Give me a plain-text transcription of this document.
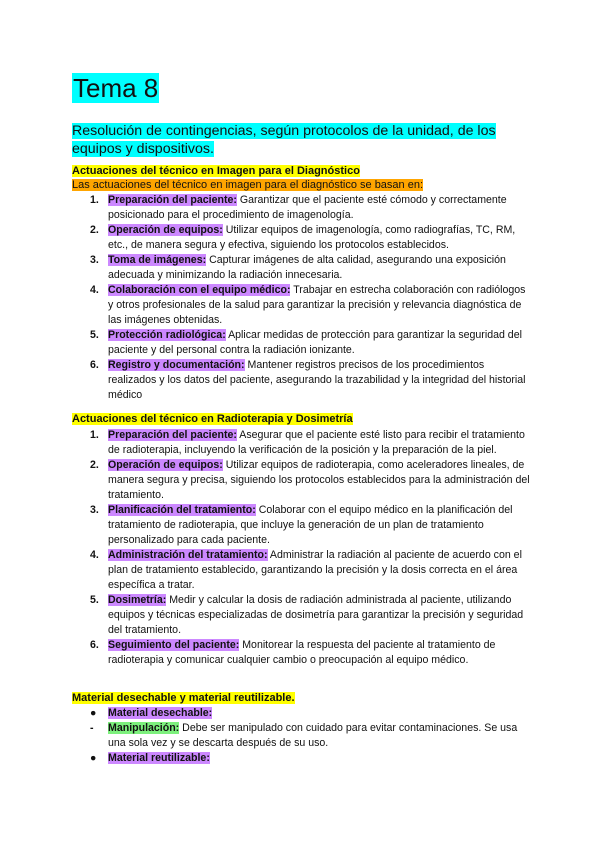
Tema 8
Resolución de contingencias, según protocolos de la unidad, de los equipos y dispositivos.
Actuaciones del técnico en Imagen para el Diagnóstico
Las actuaciones del técnico en imagen para el diagnóstico se basan en:
1. Preparación del paciente: Garantizar que el paciente esté cómodo y correctamente posicionado para el procedimiento de imagenología.
2. Operación de equipos: Utilizar equipos de imagenología, como radiografías, TC, RM, etc., de manera segura y efectiva, siguiendo los protocolos establecidos.
3. Toma de imágenes: Capturar imágenes de alta calidad, asegurando una exposición adecuada y minimizando la radiación innecesaria.
4. Colaboración con el equipo médico: Trabajar en estrecha colaboración con radiólogos y otros profesionales de la salud para garantizar la precisión y relevancia diagnóstica de las imágenes obtenidas.
5. Protección radiológica: Aplicar medidas de protección para garantizar la seguridad del paciente y del personal contra la radiación ionizante.
6. Registro y documentación: Mantener registros precisos de los procedimientos realizados y los datos del paciente, asegurando la trazabilidad y la integridad del historial médico
Actuaciones del técnico en Radioterapia y Dosimetría
1. Preparación del paciente: Asegurar que el paciente esté listo para recibir el tratamiento de radioterapia, incluyendo la verificación de la posición y la preparación de la piel.
2. Operación de equipos: Utilizar equipos de radioterapia, como aceleradores lineales, de manera segura y precisa, siguiendo los protocolos establecidos para la administración del tratamiento.
3. Planificación del tratamiento: Colaborar con el equipo médico en la planificación del tratamiento de radioterapia, que incluye la generación de un plan de tratamiento personalizado para cada paciente.
4. Administración del tratamiento: Administrar la radiación al paciente de acuerdo con el plan de tratamiento establecido, garantizando la precisión y la dosis correcta en el área específica a tratar.
5. Dosimetría: Medir y calcular la dosis de radiación administrada al paciente, utilizando equipos y técnicas especializadas de dosimetría para garantizar la precisión y seguridad del tratamiento.
6. Seguimiento del paciente: Monitorear la respuesta del paciente al tratamiento de radioterapia y comunicar cualquier cambio o preocupación al equipo médico.
Material desechable y material reutilizable.
● Material desechable:
- Manipulación: Debe ser manipulado con cuidado para evitar contaminaciones. Se usa una sola vez y se descarta después de su uso.
● Material reutilizable:
